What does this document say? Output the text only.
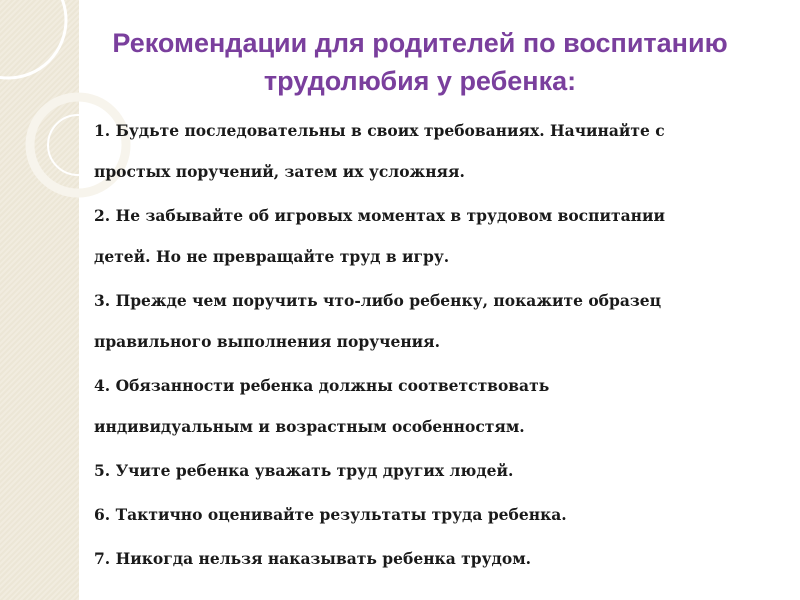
Рекомендации для родителей по воспитанию
трудолюбия у ребенка:
1. Будьте последовательны в своих требованиях. Начинайте с
простых поручений, затем их усложняя.
2. Не забывайте об игровых моментах в трудовом воспитании
детей. Но не превращайте труд в игру.
3. Прежде чем поручить что-либо ребенку, покажите образец
правильного выполнения поручения.
4. Обязанности ребенка должны соответствовать
индивидуальным и возрастным особенностям.
5. Учите ребенка уважать труд других людей.
6. Тактично оценивайте результаты труда ребенка.
7. Никогда нельзя наказывать ребенка трудом.
